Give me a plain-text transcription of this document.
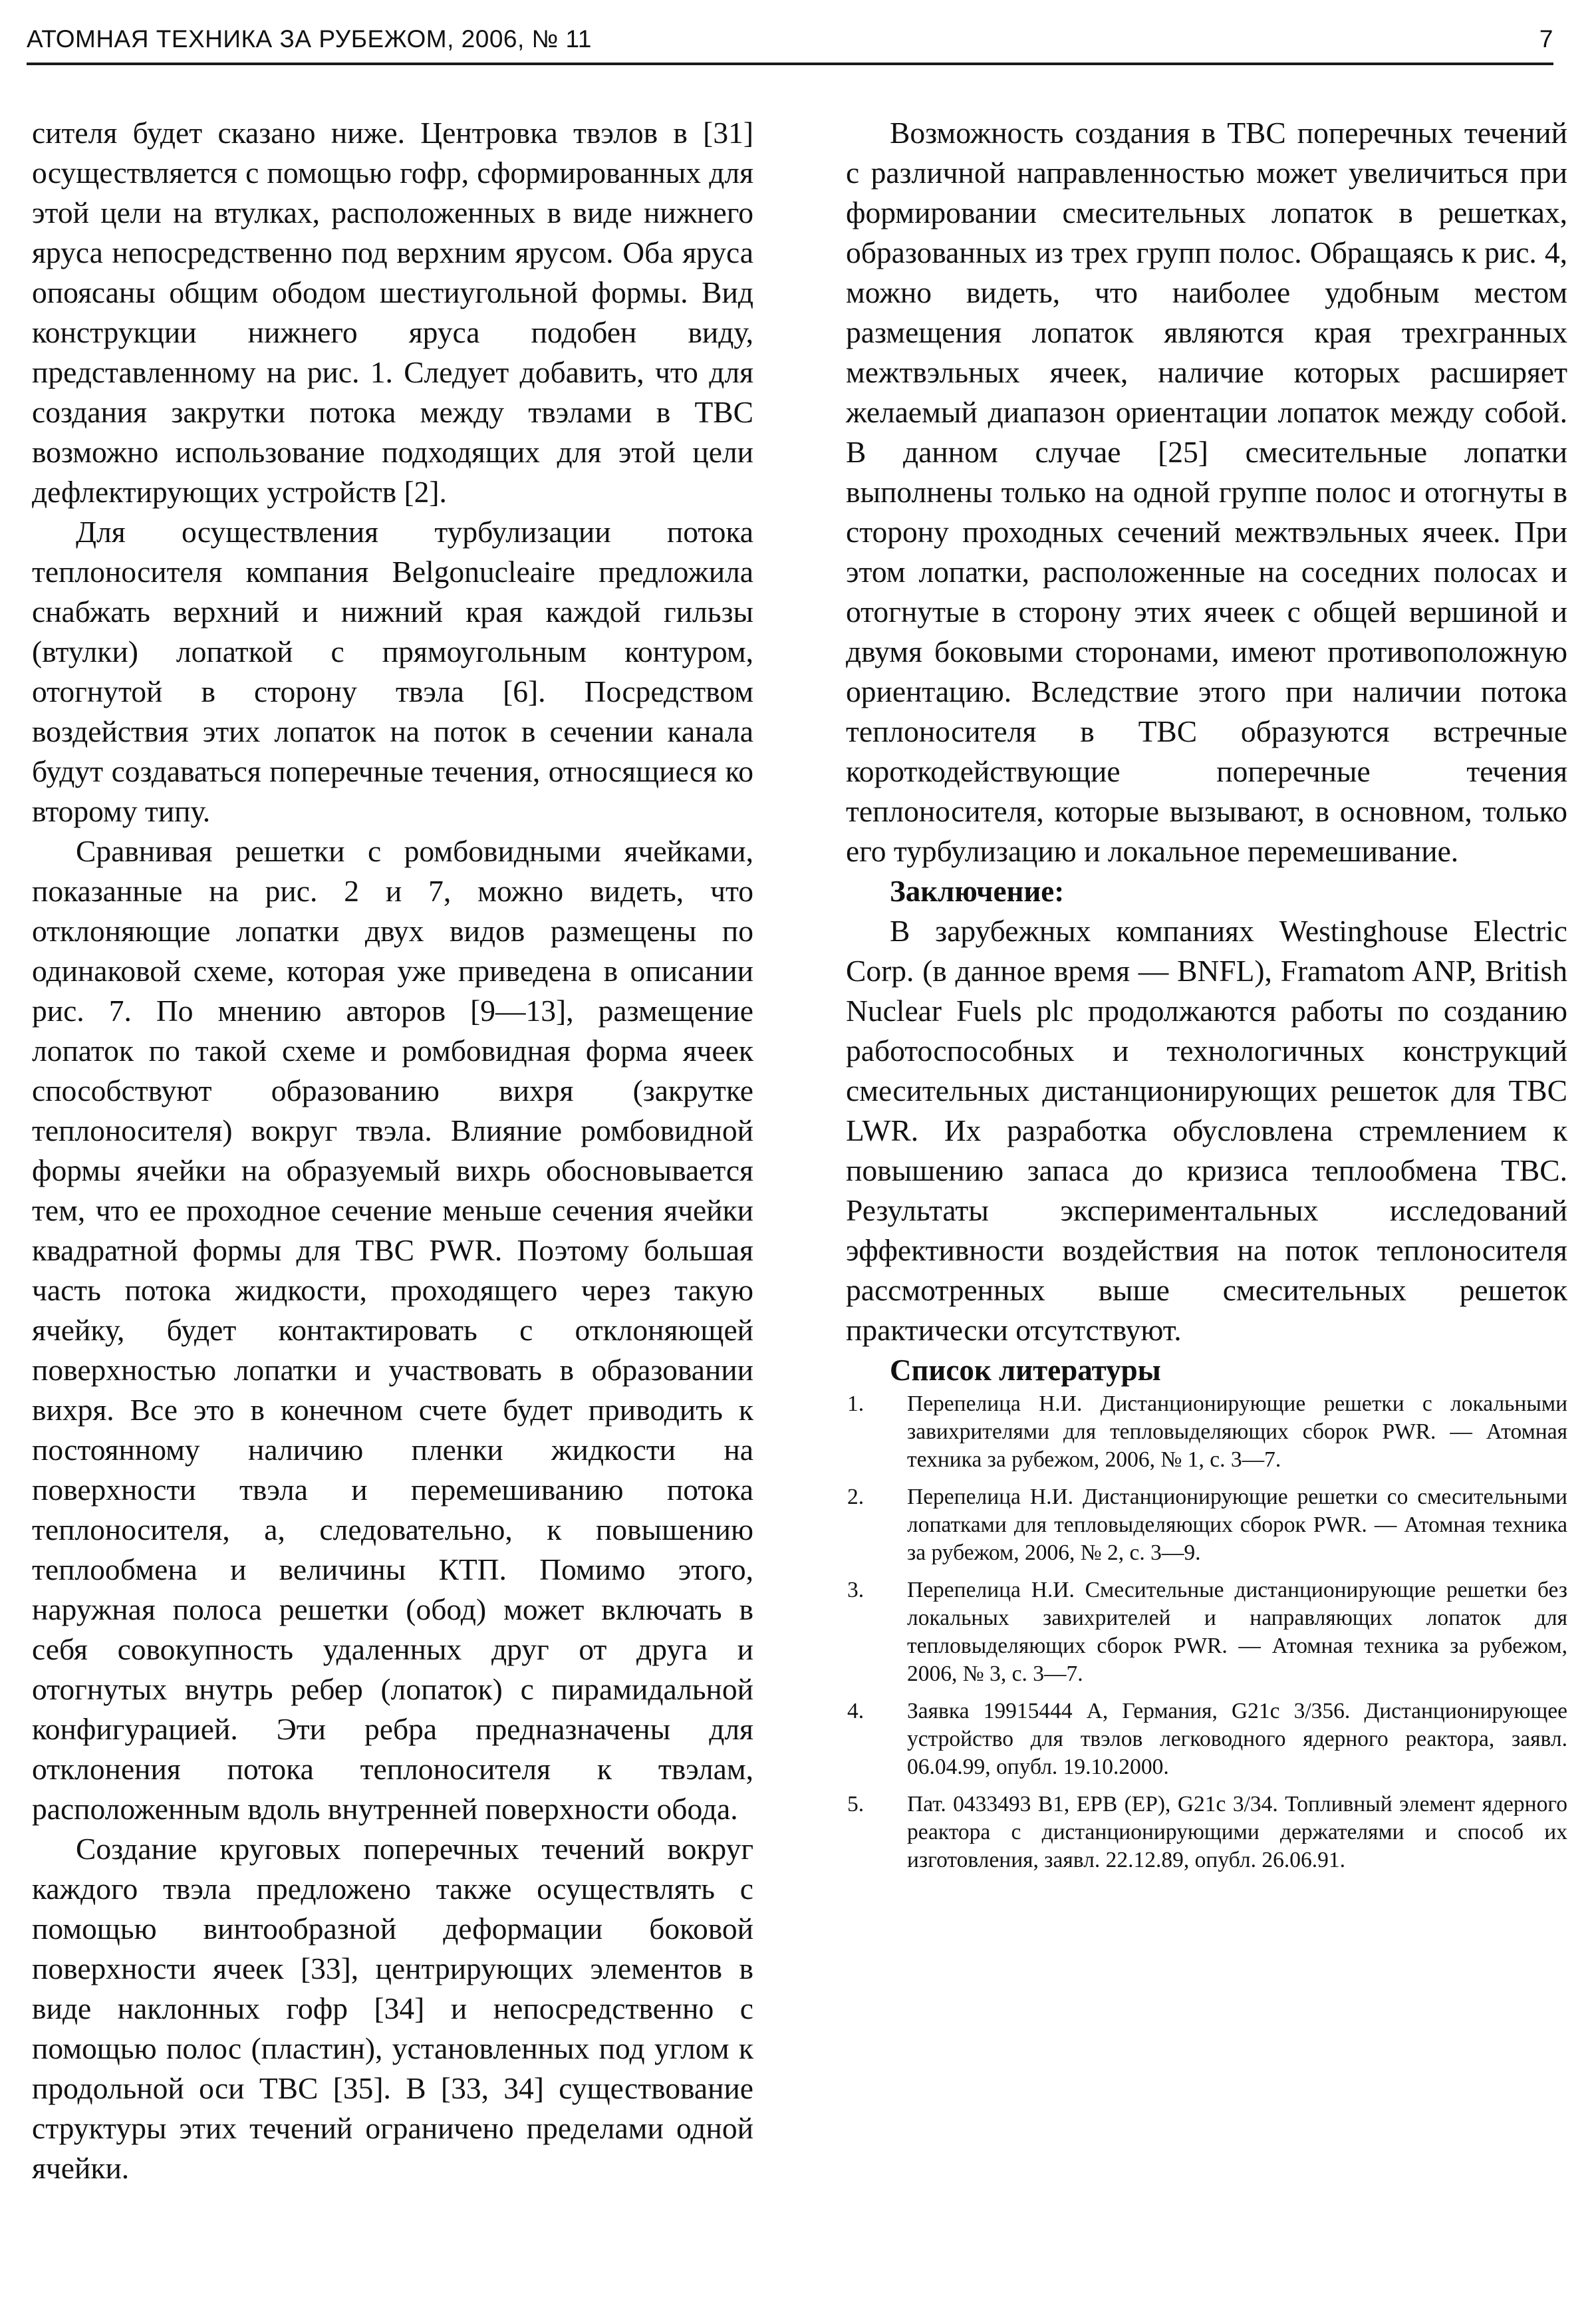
АТОМНАЯ ТЕХНИКА ЗА РУБЕЖОМ, 2006, № 11	7

сителя будет сказано ниже. Центровка твэлов в [31] осуществляется с помощью гофр, сформированных для этой цели на втулках, расположенных в виде нижнего яруса непосредственно под верхним ярусом. Оба яруса опоясаны общим ободом шестиугольной формы. Вид конструкции нижнего яруса подобен виду, представленному на рис. 1. Следует добавить, что для создания закрутки потока между твэлами в ТВС возможно использование подходящих для этой цели дефлектирующих устройств [2].

Для осуществления турбулизации потока теплоносителя компания Belgonucleaire предложила снабжать верхний и нижний края каждой гильзы (втулки) лопаткой с прямоугольным контуром, отогнутой в сторону твэла [6]. Посредством воздействия этих лопаток на поток в сечении канала будут создаваться поперечные течения, относящиеся ко второму типу.

Сравнивая решетки с ромбовидными ячейками, показанные на рис. 2 и 7, можно видеть, что отклоняющие лопатки двух видов размещены по одинаковой схеме, которая уже приведена в описании рис. 7. По мнению авторов [9—13], размещение лопаток по такой схеме и ромбовидная форма ячеек способствуют образованию вихря (закрутке теплоносителя) вокруг твэла. Влияние ромбовидной формы ячейки на образуемый вихрь обосновывается тем, что ее проходное сечение меньше сечения ячейки квадратной формы для ТВС PWR. Поэтому большая часть потока жидкости, проходящего через такую ячейку, будет контактировать с отклоняющей поверхностью лопатки и участвовать в образовании вихря. Все это в конечном счете будет приводить к постоянному наличию пленки жидкости на поверхности твэла и перемешиванию потока теплоносителя, а, следовательно, к повышению теплообмена и величины КТП. Помимо этого, наружная полоса решетки (обод) может включать в себя совокупность удаленных друг от друга и отогнутых внутрь ребер (лопаток) с пирамидальной конфигурацией. Эти ребра предназначены для отклонения потока теплоносителя к твэлам, расположенным вдоль внутренней поверхности обода.

Создание круговых поперечных течений вокруг каждого твэла предложено также осуществлять с помощью винтообразной деформации боковой поверхности ячеек [33], центрирующих элементов в виде наклонных гофр [34] и непосредственно с помощью полос (пластин), установленных под углом к продольной оси ТВС [35]. В [33, 34] существование структуры этих течений ограничено пределами одной ячейки.

Возможность создания в ТВС поперечных течений с различной направленностью может увеличиться при формировании смесительных лопаток в решетках, образованных из трех групп полос. Обращаясь к рис. 4, можно видеть, что наиболее удобным местом размещения лопаток являются края трехгранных межтвэльных ячеек, наличие которых расширяет желаемый диапазон ориентации лопаток между собой. В данном случае [25] смесительные лопатки выполнены только на одной группе полос и отогнуты в сторону проходных сечений межтвэльных ячеек. При этом лопатки, расположенные на соседних полосах и отогнутые в сторону этих ячеек с общей вершиной и двумя боковыми сторонами, имеют противоположную ориентацию. Вследствие этого при наличии потока теплоносителя в ТВС образуются встречные короткодействующие поперечные течения теплоносителя, которые вызывают, в основном, только его турбулизацию и локальное перемешивание.

Заключение:

В зарубежных компаниях Westinghouse Electric Corp. (в данное время — BNFL), Framatom ANP, British Nuclear Fuels plc продолжаются работы по созданию работоспособных и технологичных конструкций смесительных дистанционирующих решеток для ТВС LWR. Их разработка обусловлена стремлением к повышению запаса до кризиса теплообмена ТВС. Результаты экспериментальных исследований эффективности воздействия на поток теплоносителя рассмотренных выше смесительных решеток практически отсутствуют.

Список литературы
1. Перепелица Н.И. Дистанционирующие решетки с локальными завихрителями для тепловыделяющих сборок PWR. — Атомная техника за рубежом, 2006, № 1, с. 3—7.
2. Перепелица Н.И. Дистанционирующие решетки со смесительными лопатками для тепловыделяющих сборок PWR. — Атомная техника за рубежом, 2006, № 2, с. 3—9.
3. Перепелица Н.И. Смесительные дистанционирующие решетки без локальных завихрителей и направляющих лопаток для тепловыделяющих сборок PWR. — Атомная техника за рубежом, 2006, № 3, с. 3—7.
4. Заявка 19915444 А, Германия, G21c 3/356. Дистанционирующее устройство для твэлов легководного ядерного реактора, заявл. 06.04.99, опубл. 19.10.2000.
5. Пат. 0433493 B1, EPB (EP), G21c 3/34. Топливный элемент ядерного реактора с дистанционирующими держателями и способ их изготовления, заявл. 22.12.89, опубл. 26.06.91.
